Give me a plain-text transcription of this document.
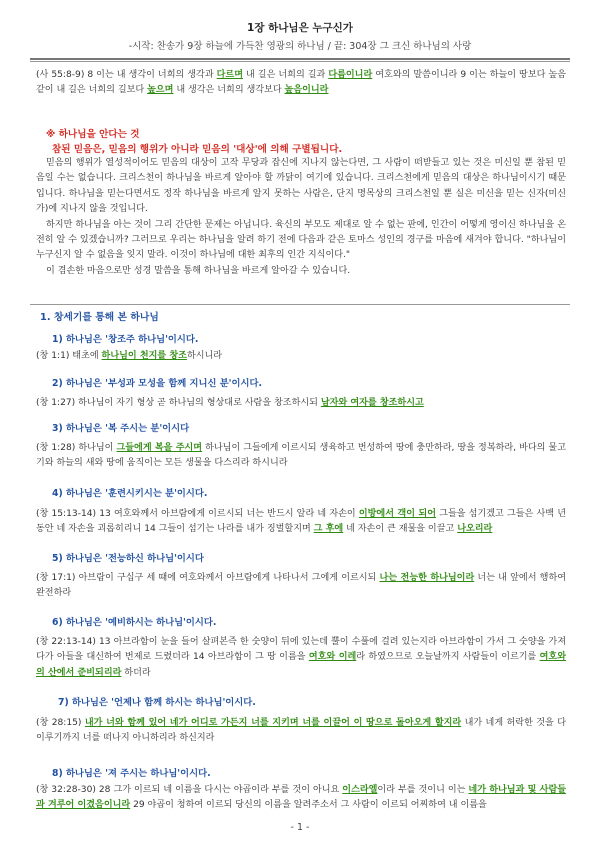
1장 하나님은 누구신가
-시작: 찬송가 9장 하늘에 가득찬 영광의 하나님 / 끝: 304장 그 크신 하나님의 사랑
(사 55:8-9) 8 이는 내 생각이 너희의 생각과 다르며 내 길은 너희의 길과 다름이니라 여호와의 말씀이니라 9 이는 하늘이 땅보다 높음 같이 내 길은 너희의 길보다 높으며 내 생각은 너희의 생각보다 높음이니라
※ 하나님을 안다는 것
참된 믿음은, 믿음의 행위가 아니라 믿음의 '대상'에 의해 구별됩니다.
믿음의 행위가 열성적이어도 믿음의 대상이 고작 무당과 잡신에 지나지 않는다면, 그 사람이 떠받들고 있는 것은 미신일 뿐 참된 믿음일 수는 없습니다. 크리스천이 하나님을 바르게 알아야 할 까닭이 여기에 있습니다. 크리스천에게 믿음의 대상은 하나님이시기 때문입니다. 하나님을 믿는다면서도 정작 하나님을 바르게 알지 못하는 사람은, 단지 명목상의 크리스천일 뿐 실은 미신을 믿는 신자(미신가)에 지나지 않을 것입니다.
하지만 하나님을 아는 것이 그리 간단한 문제는 아닙니다. 육신의 부모도 제대로 알 수 없는 판에, 인간이 어떻게 영이신 하나님을 온전히 알 수 있겠습니까? 그러므로 우리는 하나님을 알려 하기 전에 다음과 같은 토마스 성인의 경구를 마음에 새겨야 합니다. "하나님이 누구신지 알 수 없음을 잊지 말라. 이것이 하나님에 대한 최후의 인간 지식이다."
이 겸손한 마음으로만 성경 말씀을 통해 하나님을 바르게 알아갈 수 있습니다.
1. 창세기를 통해 본 하나님
1) 하나님은 '창조주 하나님'이시다.
(창 1:1) 태초에 하나님이 천지를 창조하시니라
2) 하나님은 '부성과 모성을 함께 지니신 분'이시다.
(창 1:27) 하나님이 자기 형상 곧 하나님의 형상대로 사람을 창조하시되 남자와 여자를 창조하시고
3) 하나님은 '복 주시는 분'이시다
(창 1:28) 하나님이 그들에게 복을 주시며 하나님이 그들에게 이르시되 생육하고 번성하여 땅에 충만하라, 땅을 정복하라, 바다의 물고기와 하늘의 새와 땅에 움직이는 모든 생물을 다스리라 하시니라
4) 하나님은 '훈련시키시는 분'이시다.
(창 15:13-14) 13 여호와께서 아브람에게 이르시되 너는 반드시 알라 네 자손이 이방에서 객이 되어 그들을 섬기겠고 그들은 사백 년 동안 네 자손을 괴롭히리니 14 그들이 섬기는 나라를 내가 징벌할지며 그 후에 네 자손이 큰 재물을 이끌고 나오리라
5) 하나님은 '전능하신 하나님'이시다
(창 17:1) 아브람이 구십구 세 때에 여호와께서 아브람에게 나타나서 그에게 이르시되 나는 전능한 하나님이라 너는 내 앞에서 행하여 완전하라
6) 하나님은 '예비하시는 하나님'이시다.
(창 22:13-14) 13 아브라함이 눈을 들어 살펴본즉 한 숫양이 뒤에 있는데 뿔이 수풀에 걸려 있는지라 아브라함이 가서 그 숫양을 가져다가 아들을 대신하여 번제로 드렸더라 14 아브라함이 그 땅 이름을 여호와 이레라 하였으므로 오늘날까지 사람들이 이르기를 여호와의 산에서 준비되리라 하더라
7) 하나님은 '언제나 함께 하시는 하나님'이시다.
(창 28:15) 내가 너와 함께 있어 네가 어디로 가든지 너를 지키며 너를 이끌어 이 땅으로 돌아오게 할지라 내가 네게 허락한 것을 다 이루기까지 너를 떠나지 아니하리라 하신지라
8) 하나님은 '져 주시는 하나님'이시다.
(창 32:28-30) 28 그가 이르되 네 이름을 다시는 야곱이라 부를 것이 아니요 이스라엘이라 부를 것이니 이는 네가 하나님과 및 사람들과 겨루어 이겼음이니라 29 야곱이 청하여 이르되 당신의 이름을 알려주소서 그 사람이 이르되 어찌하여 내 이름을
- 1 -
